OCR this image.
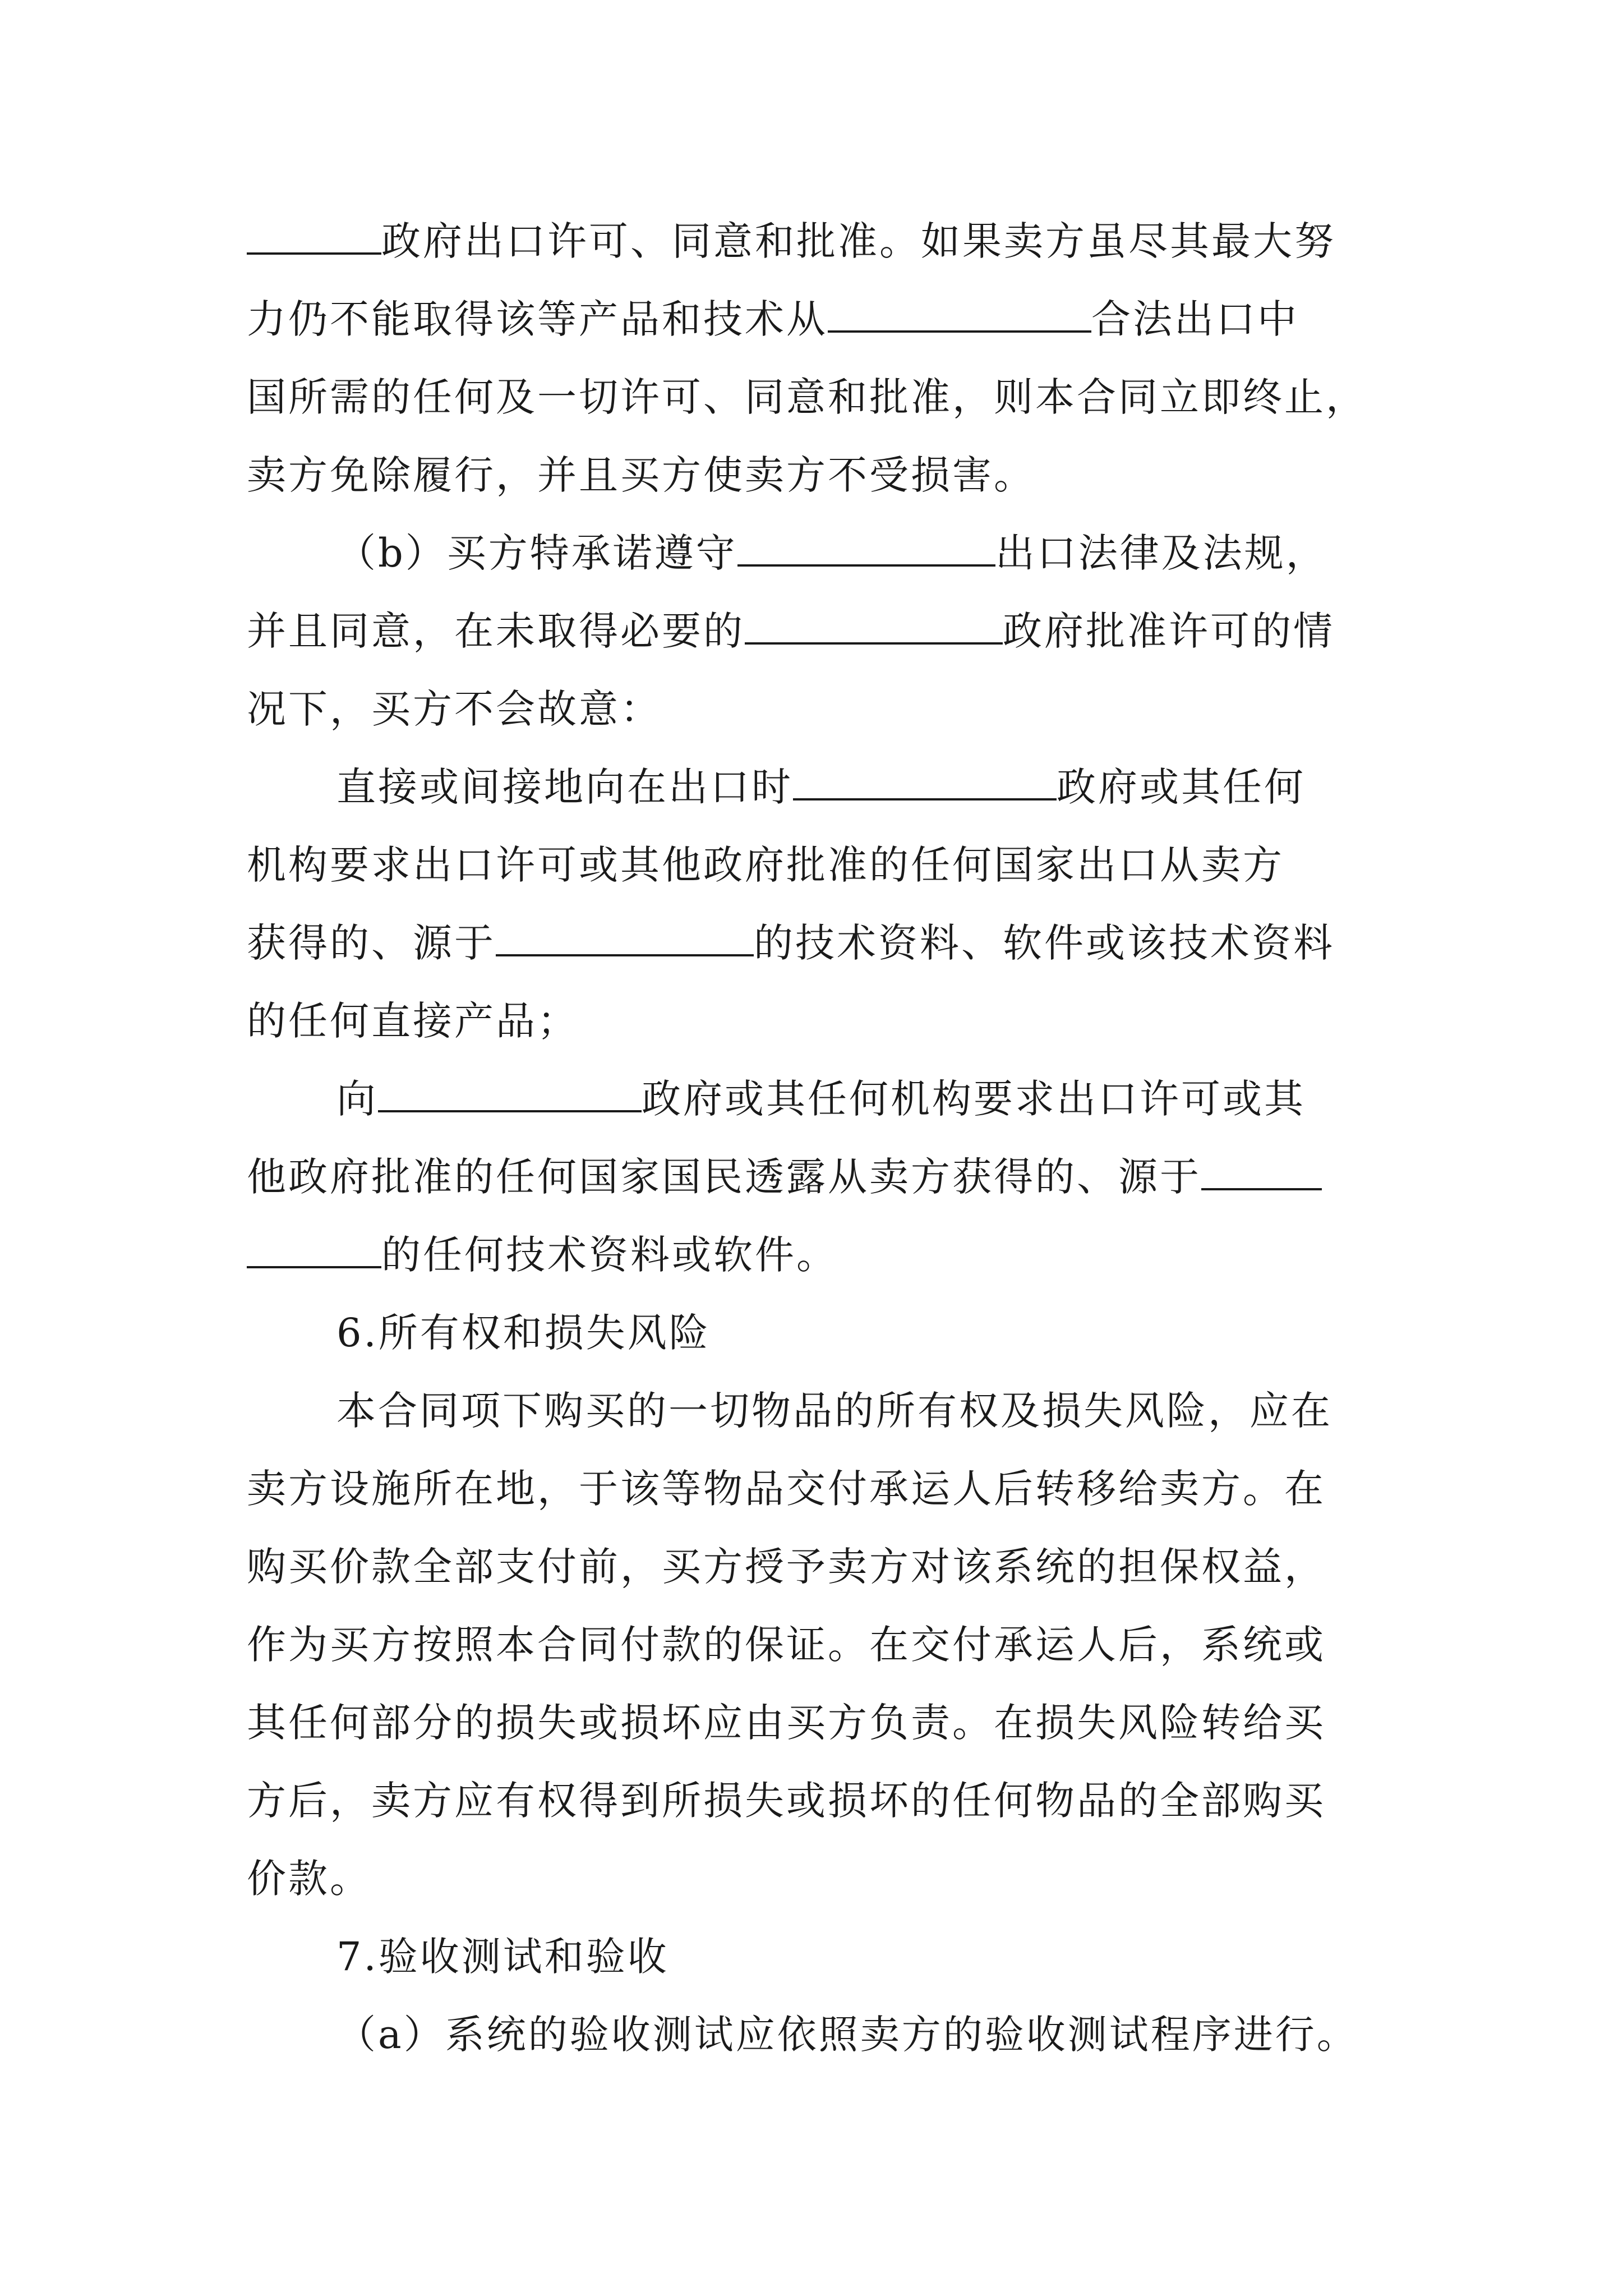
政府出口许可、同意和批准。如果卖方虽尽其最大努
力仍不能取得该等产品和技术从	合法出口中
国所需的任何及一切许可、同意和批准，则本合同立即终止，
卖方免除履行，并且买方使卖方不受损害。
（b）买方特承诺遵守	出口法律及法规，
并且同意，在未取得必要的	政府批准许可的情
况下，买方不会故意：
直接或间接地向在出口时	政府或其任何
机构要求出口许可或其他政府批准的任何国家出口从卖方
获得的、源于	的技术资料、软件或该技术资料
的任何直接产品；
向	政府或其任何机构要求出口许可或其
他政府批准的任何国家国民透露从卖方获得的、源于
的任何技术资料或软件。
6.所有权和损失风险
本合同项下购买的一切物品的所有权及损失风险，应在
卖方设施所在地，于该等物品交付承运人后转移给卖方。在
购买价款全部支付前，买方授予卖方对该系统的担保权益，
作为买方按照本合同付款的保证。在交付承运人后，系统或
其任何部分的损失或损坏应由买方负责。在损失风险转给买
方后，卖方应有权得到所损失或损坏的任何物品的全部购买
价款。
7.验收测试和验收
（a）系统的验收测试应依照卖方的验收测试程序进行。
